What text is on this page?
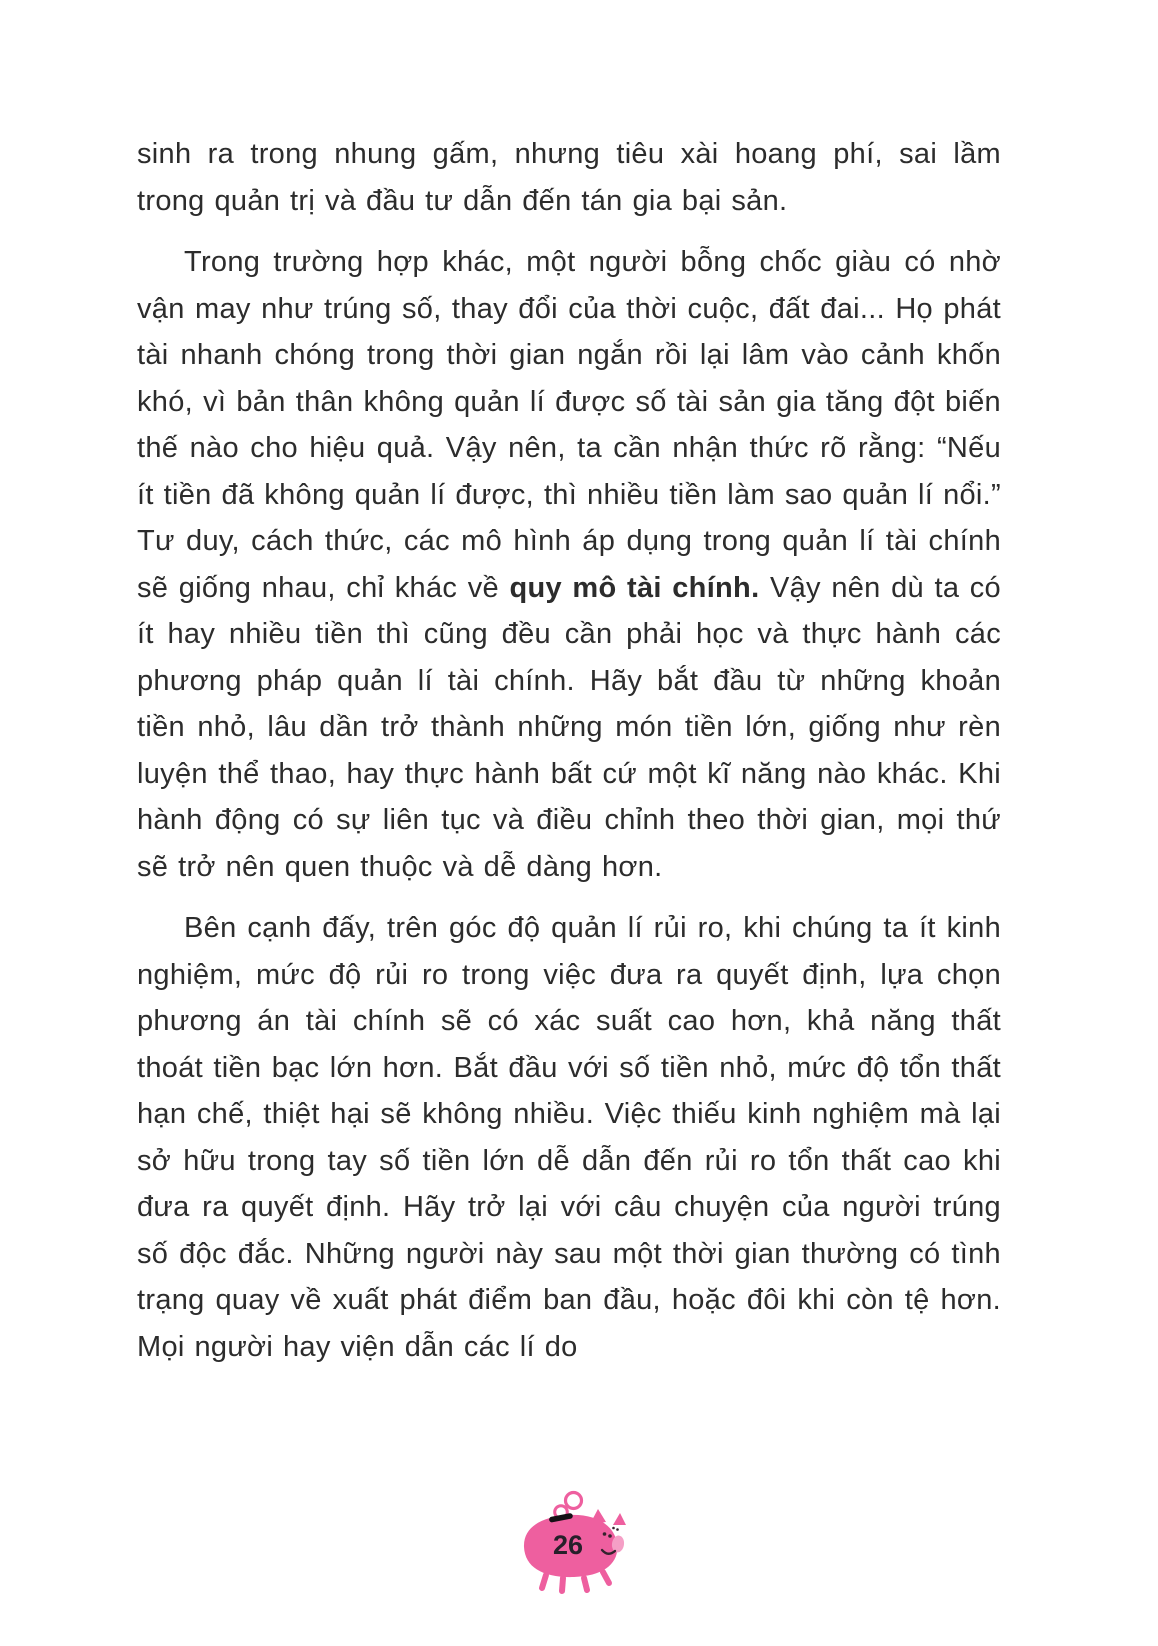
sinh ra trong nhung gấm, nhưng tiêu xài hoang phí, sai lầm trong quản trị và đầu tư dẫn đến tán gia bại sản.

Trong trường hợp khác, một người bỗng chốc giàu có nhờ vận may như trúng số, thay đổi của thời cuộc, đất đai... Họ phát tài nhanh chóng trong thời gian ngắn rồi lại lâm vào cảnh khốn khó, vì bản thân không quản lí được số tài sản gia tăng đột biến thế nào cho hiệu quả. Vậy nên, ta cần nhận thức rõ rằng: “Nếu ít tiền đã không quản lí được, thì nhiều tiền làm sao quản lí nổi.” Tư duy, cách thức, các mô hình áp dụng trong quản lí tài chính sẽ giống nhau, chỉ khác về quy mô tài chính. Vậy nên dù ta có ít hay nhiều tiền thì cũng đều cần phải học và thực hành các phương pháp quản lí tài chính. Hãy bắt đầu từ những khoản tiền nhỏ, lâu dần trở thành những món tiền lớn, giống như rèn luyện thể thao, hay thực hành bất cứ một kĩ năng nào khác. Khi hành động có sự liên tục và điều chỉnh theo thời gian, mọi thứ sẽ trở nên quen thuộc và dễ dàng hơn.

Bên cạnh đấy, trên góc độ quản lí rủi ro, khi chúng ta ít kinh nghiệm, mức độ rủi ro trong việc đưa ra quyết định, lựa chọn phương án tài chính sẽ có xác suất cao hơn, khả năng thất thoát tiền bạc lớn hơn. Bắt đầu với số tiền nhỏ, mức độ tổn thất hạn chế, thiệt hại sẽ không nhiều. Việc thiếu kinh nghiệm mà lại sở hữu trong tay số tiền lớn dễ dẫn đến rủi ro tổn thất cao khi đưa ra quyết định. Hãy trở lại với câu chuyện của người trúng số độc đắc. Những người này sau một thời gian thường có tình trạng quay về xuất phát điểm ban đầu, hoặc đôi khi còn tệ hơn. Mọi người hay viện dẫn các lí do

26
